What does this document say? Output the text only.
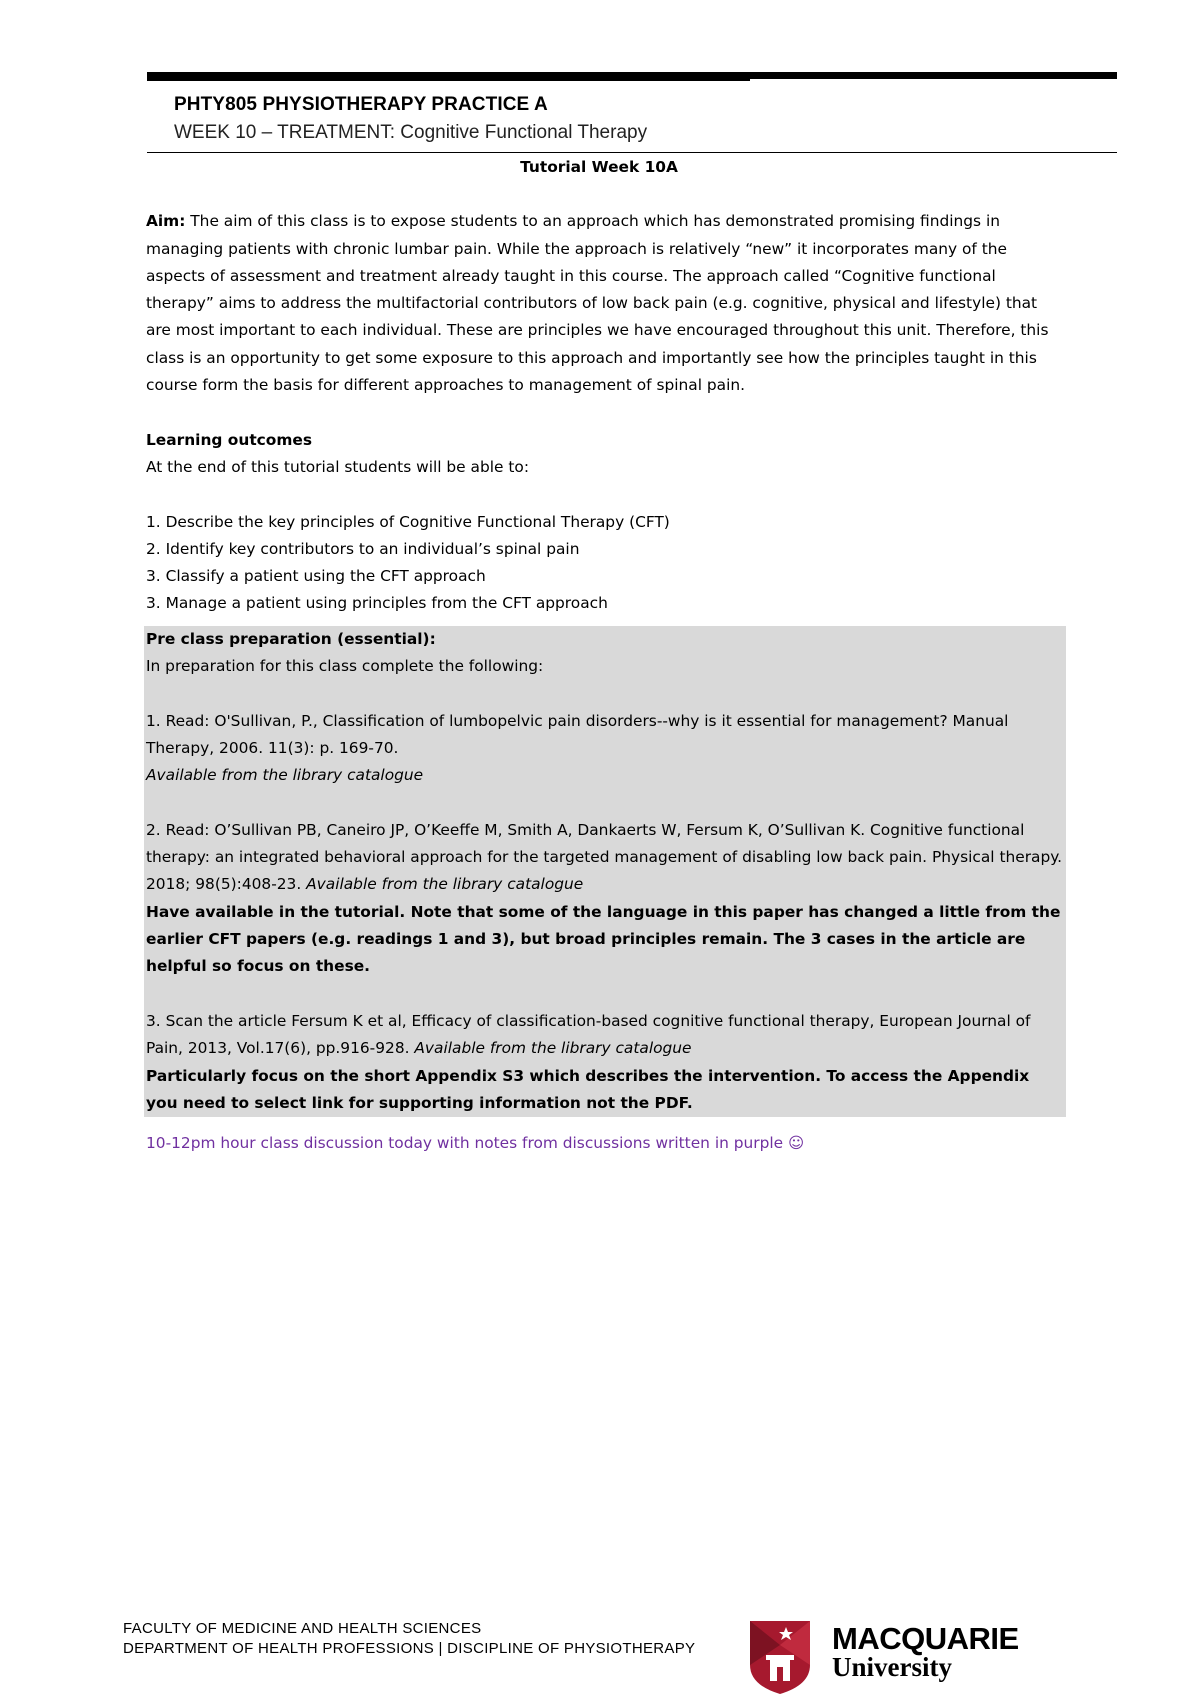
PHTY805 PHYSIOTHERAPY PRACTICE A
WEEK 10 – TREATMENT: Cognitive Functional Therapy

Tutorial Week 10A

Aim: The aim of this class is to expose students to an approach which has demonstrated promising findings in managing patients with chronic lumbar pain. While the approach is relatively “new” it incorporates many of the aspects of assessment and treatment already taught in this course. The approach called “Cognitive functional therapy” aims to address the multifactorial contributors of low back pain (e.g. cognitive, physical and lifestyle) that are most important to each individual. These are principles we have encouraged throughout this unit. Therefore, this class is an opportunity to get some exposure to this approach and importantly see how the principles taught in this course form the basis for different approaches to management of spinal pain.

Learning outcomes

At the end of this tutorial students will be able to:

1. Describe the key principles of Cognitive Functional Therapy (CFT)

2. Identify key contributors to an individual’s spinal pain

3. Classify a patient using the CFT approach

3. Manage a patient using principles from the CFT approach

Pre class preparation (essential):

In preparation for this class complete the following:

1. Read: O'Sullivan, P., Classification of lumbopelvic pain disorders--why is it essential for management? Manual Therapy, 2006. 11(3): p. 169-70.

Available from the library catalogue

2. Read: O’Sullivan PB, Caneiro JP, O’Keeffe M, Smith A, Dankaerts W, Fersum K, O’Sullivan K. Cognitive functional therapy: an integrated behavioral approach for the targeted management of disabling low back pain. Physical therapy. 2018; 98(5):408-23. Available from the library catalogue

Have available in the tutorial. Note that some of the language in this paper has changed a little from the earlier CFT papers (e.g. readings 1 and 3), but broad principles remain. The 3 cases in the article are helpful so focus on these.

3. Scan the article Fersum K et al, Efficacy of classification-based cognitive functional therapy, European Journal of Pain, 2013, Vol.17(6), pp.916-928. Available from the library catalogue

Particularly focus on the short Appendix S3 which describes the intervention. To access the Appendix you need to select link for supporting information not the PDF.

10-12pm hour class discussion today with notes from discussions written in purple ☺

FACULTY OF MEDICINE AND HEALTH SCIENCES
DEPARTMENT OF HEALTH PROFESSIONS | DISCIPLINE OF PHYSIOTHERAPY	MACQUARIE
University
